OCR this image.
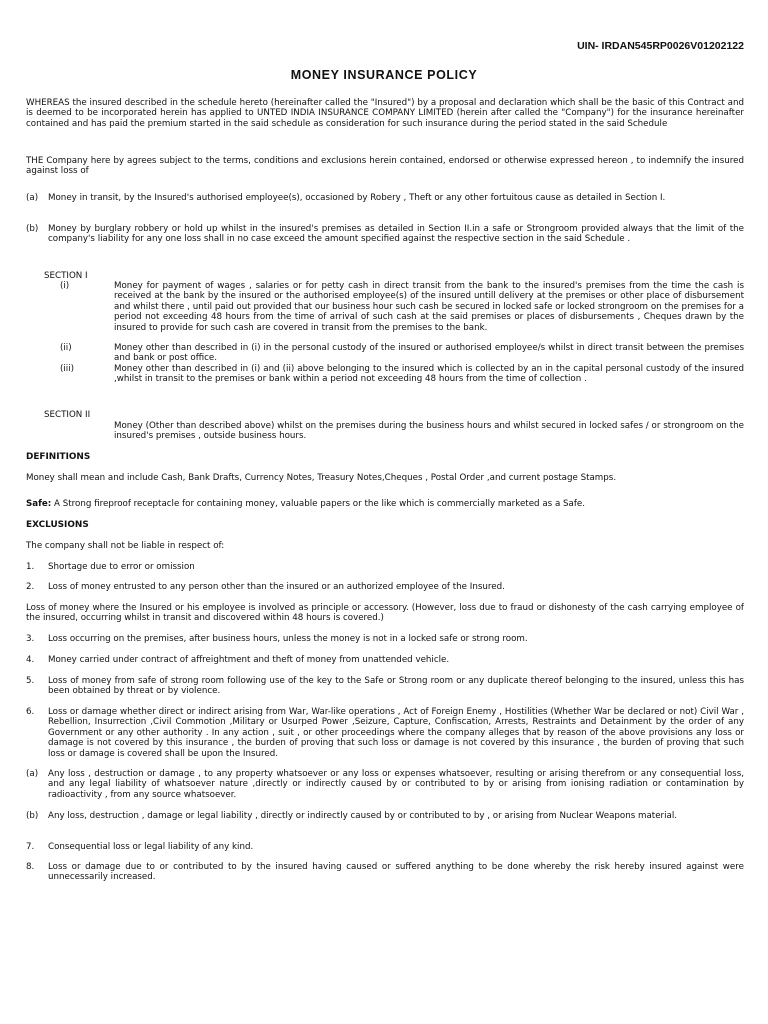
UIN- IRDAN545RP0026V01202122
MONEY INSURANCE POLICY
WHEREAS the insured described in the schedule hereto (hereinafter called the "Insured") by a proposal and declaration which shall be the basic of this Contract and is deemed to be incorporated herein has applied to UNTED INDIA INSURANCE COMPANY LIMITED (herein after called the "Company") for the insurance hereinafter contained and has paid the premium started in the said schedule as consideration for such insurance during the period stated in the said Schedule
THE Company here by agrees subject to the terms, conditions and exclusions herein contained, endorsed or otherwise expressed hereon , to indemnify the insured against loss of
(a) Money in transit, by the Insured's authorised employee(s), occasioned by Robery , Theft or any other fortuitous cause as detailed in Section I.
(b) Money by burglary robbery or hold up whilst in the insured's premises as detailed in Section II.in a safe or Strongroom provided always that the limit of the company's liability for any one loss shall in no case exceed the amount specified against the respective section in the said Schedule .
SECTION I
(i)	Money for payment of wages , salaries or for petty cash in direct transit from the bank to the insured's premises from the time the cash is received at the bank by the insured or the authorised employee(s) of the insured untill delivery at the premises or other place of disbursement and whilst there , until paid out provided that our business hour such cash be secured in locked safe or locked strongroom on the premises for a period not exceeding 48 hours from the time of arrival of such cash at the said premises or places of disbursements , Cheques drawn by the insured to provide for such cash are covered in transit from the premises to the bank.
(ii)	Money other than described in (i) in the personal custody of the insured or authorised employee/s whilst in direct transit between the premises and bank or post office.
(iii)	Money other than described in (i) and (ii) above belonging to the insured which is collected by an in the capital personal custody of the insured ,whilst in transit to the premises or bank within a period not exceeding 48 hours from the time of collection .
SECTION II
Money (Other than described above) whilst on the premises during the business hours and whilst secured in locked safes / or strongroom on the insured's premises , outside business hours.
DEFINITIONS
Money shall mean and include Cash, Bank Drafts, Currency Notes, Treasury Notes,Cheques , Postal Order ,and current postage Stamps.
Safe: A Strong fireproof receptacle for containing money, valuable papers or the like which is commercially marketed as a Safe.
EXCLUSIONS
The company shall not be liable in respect of:
1. Shortage due to error or omission
2. Loss of money entrusted to any person other than the insured or an authorized employee of the Insured.
Loss of money where the Insured or his employee is involved as principle or accessory. (However, loss due to fraud or dishonesty of the cash carrying employee of the insured, occurring whilst in transit and discovered within 48 hours is covered.)
3. Loss occurring on the premises, after business hours, unless the money is not in a locked safe or strong room.
4. Money carried under contract of affreightment and theft of money from unattended vehicle.
5. Loss of money from safe of strong room following use of the key to the Safe or Strong room or any duplicate thereof belonging to the insured, unless this has been obtained by threat or by violence.
6. Loss or damage whether direct or indirect arising from War, War-like operations , Act of Foreign Enemy , Hostilities (Whether War be declared or not) Civil War , Rebellion, Insurrection ,Civil Commotion ,Military or Usurped Power ,Seizure, Capture, Confiscation, Arrests, Restraints and Detainment by the order of any Government or any other authority . In any action , suit , or other proceedings where the company alleges that by reason of the above provisions any loss or damage is not covered by this insurance , the burden of proving that such loss or damage is not covered by this insurance , the burden of proving that such loss or damage is covered shall be upon the Insured.
(a) Any loss , destruction or damage , to any property whatsoever or any loss or expenses whatsoever, resulting or arising therefrom or any consequential loss, and any legal liability of whatsoever nature ,directly or indirectly caused by or contributed to by or arising from ionising radiation or contamination by radioactivity , from any source whatsoever.
(b) Any loss, destruction , damage or legal liability , directly or indirectly caused by or contributed to by , or arising from Nuclear Weapons material.
7. Consequential loss or legal liability of any kind.
8. Loss or damage due to or contributed to by the insured having caused or suffered anything to be done whereby the risk hereby insured against were unnecessarily increased.
